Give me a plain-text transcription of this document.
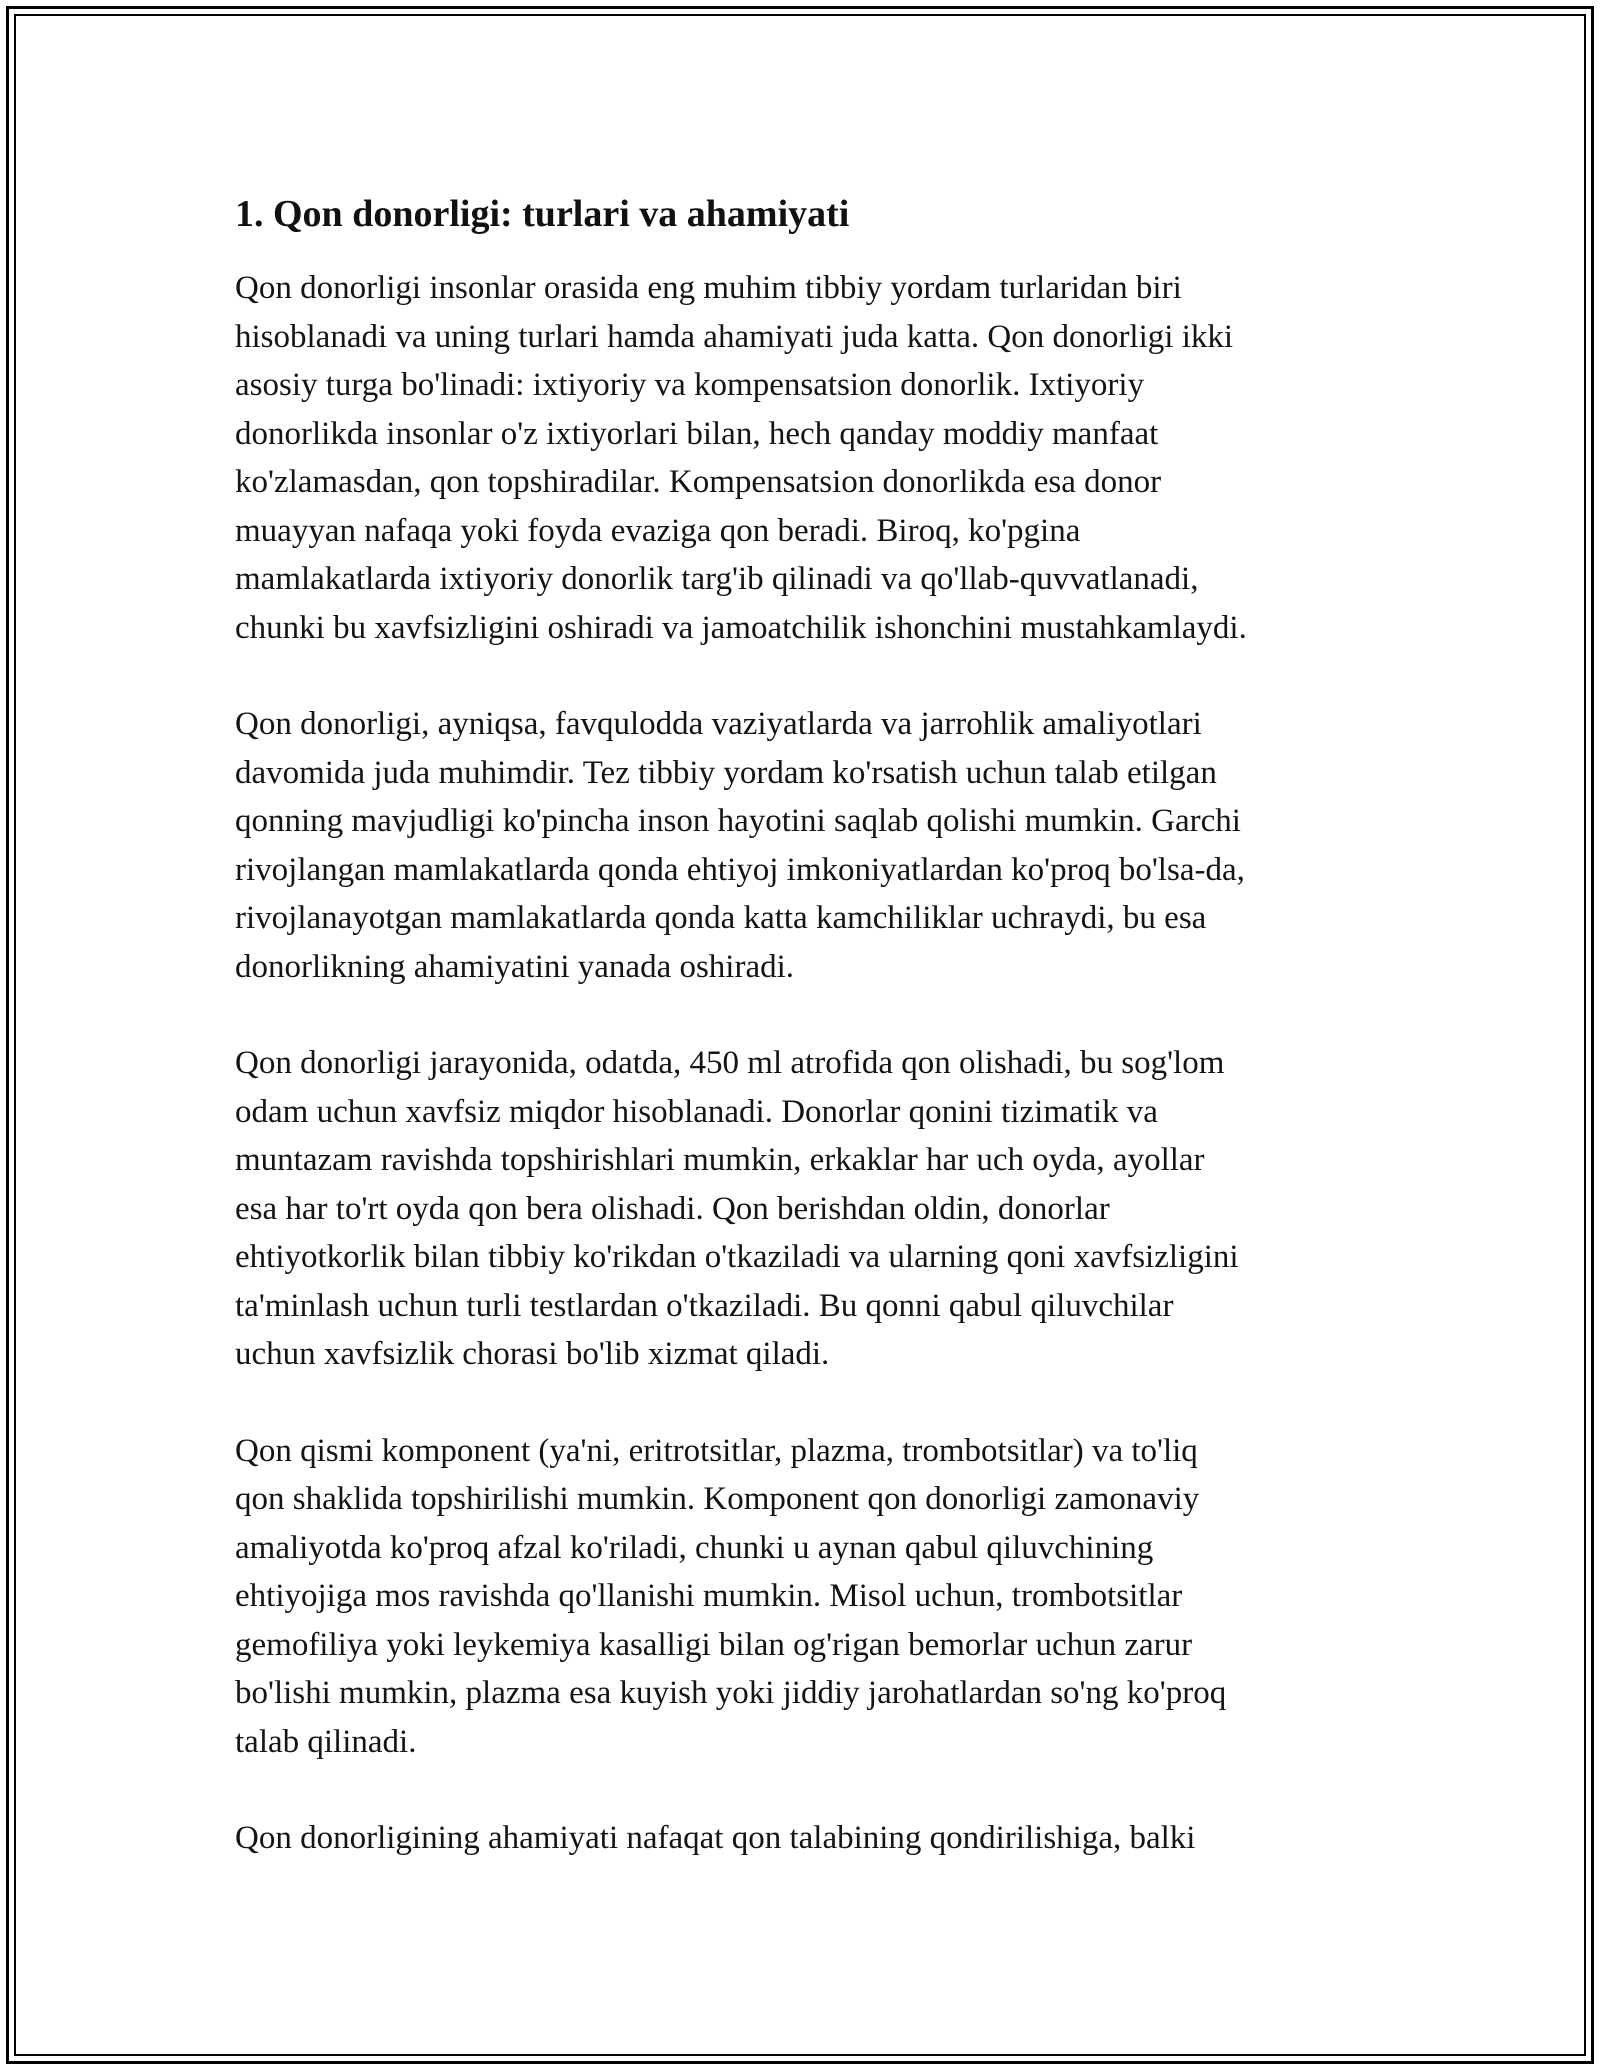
1. Qon donorligi: turlari va ahamiyati

Qon donorligi insonlar orasida eng muhim tibbiy yordam turlaridan biri
hisoblanadi va uning turlari hamda ahamiyati juda katta. Qon donorligi ikki
asosiy turga bo'linadi: ixtiyoriy va kompensatsion donorlik. Ixtiyoriy
donorlikda insonlar o'z ixtiyorlari bilan, hech qanday moddiy manfaat
ko'zlamasdan, qon topshiradilar. Kompensatsion donorlikda esa donor
muayyan nafaqa yoki foyda evaziga qon beradi. Biroq, ko'pgina
mamlakatlarda ixtiyoriy donorlik targ'ib qilinadi va qo'llab-quvvatlanadi,
chunki bu xavfsizligini oshiradi va jamoatchilik ishonchini mustahkamlaydi.

Qon donorligi, ayniqsa, favqulodda vaziyatlarda va jarrohlik amaliyotlari
davomida juda muhimdir. Tez tibbiy yordam ko'rsatish uchun talab etilgan
qonning mavjudligi ko'pincha inson hayotini saqlab qolishi mumkin. Garchi
rivojlangan mamlakatlarda qonda ehtiyoj imkoniyatlardan ko'proq bo'lsa-da,
rivojlanayotgan mamlakatlarda qonda katta kamchiliklar uchraydi, bu esa
donorlikning ahamiyatini yanada oshiradi.

Qon donorligi jarayonida, odatda, 450 ml atrofida qon olishadi, bu sog'lom
odam uchun xavfsiz miqdor hisoblanadi. Donorlar qonini tizimatik va
muntazam ravishda topshirishlari mumkin, erkaklar har uch oyda, ayollar
esa har to'rt oyda qon bera olishadi. Qon berishdan oldin, donorlar
ehtiyotkorlik bilan tibbiy ko'rikdan o'tkaziladi va ularning qoni xavfsizligini
ta'minlash uchun turli testlardan o'tkaziladi. Bu qonni qabul qiluvchilar
uchun xavfsizlik chorasi bo'lib xizmat qiladi.

Qon qismi komponent (ya'ni, eritrotsitlar, plazma, trombotsitlar) va to'liq
qon shaklida topshirilishi mumkin. Komponent qon donorligi zamonaviy
amaliyotda ko'proq afzal ko'riladi, chunki u aynan qabul qiluvchining
ehtiyojiga mos ravishda qo'llanishi mumkin. Misol uchun, trombotsitlar
gemofiliya yoki leykemiya kasalligi bilan og'rigan bemorlar uchun zarur
bo'lishi mumkin, plazma esa kuyish yoki jiddiy jarohatlardan so'ng ko'proq
talab qilinadi.

Qon donorligining ahamiyati nafaqat qon talabining qondirilishiga, balki
